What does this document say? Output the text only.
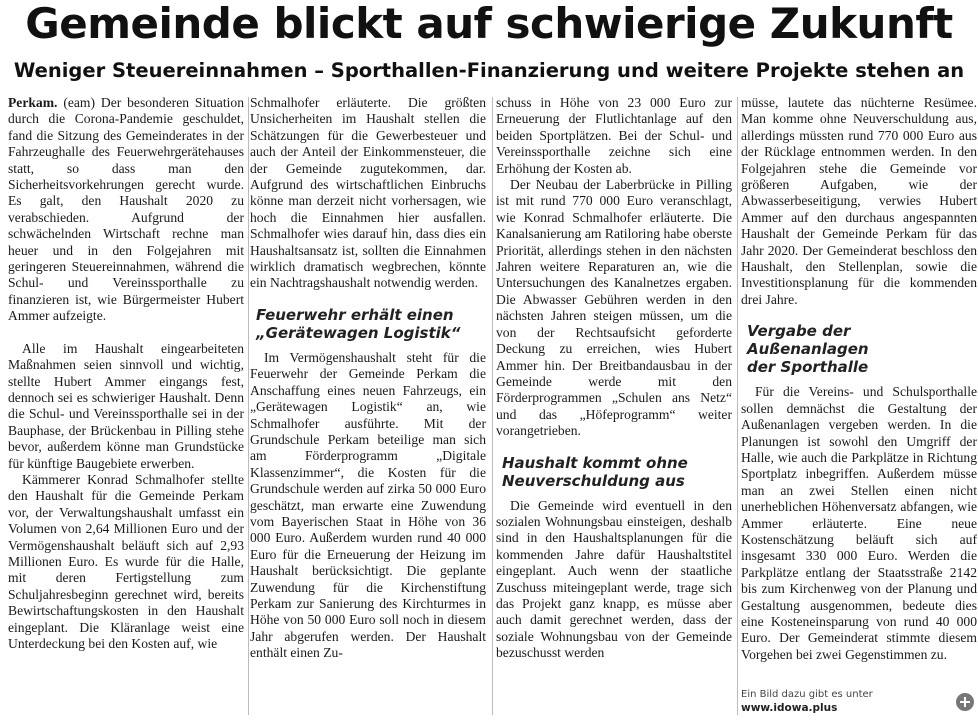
Gemeinde blickt auf schwierige Zukunft
Weniger Steuereinnahmen – Sporthallen-Finanzierung und weitere Projekte stehen an

Perkam. (eam) Der besonderen Situation durch die Corona-Pandemie geschuldet, fand die Sitzung des Gemeinderates in der Fahrzeughalle des Feuerwehrgerätehauses statt, so dass man den Sicherheitsvorkehrungen gerecht wurde. Es galt, den Haushalt 2020 zu verabschieden. Aufgrund der schwächelnden Wirtschaft rechne man heuer und in den Folgejahren mit geringeren Steuereinnahmen, während die Schul- und Vereinssporthalle zu finanzieren ist, wie Bürgermeister Hubert Ammer aufzeigte.

Alle im Haushalt eingearbeiteten Maßnahmen seien sinnvoll und wichtig, stellte Hubert Ammer eingangs fest, dennoch sei es schwieriger Haushalt. Denn die Schul- und Vereinssporthalle sei in der Bauphase, der Brückenbau in Pilling stehe bevor, außerdem könne man Grundstücke für künftige Baugebiete erwerben.

Kämmerer Konrad Schmalhofer stellte den Haushalt für die Gemeinde Perkam vor, der Verwaltungshaushalt umfasst ein Volumen von 2,64 Millionen Euro und der Vermögenshaushalt beläuft sich auf 2,93 Millionen Euro. Es wurde für die Halle, mit deren Fertigstellung zum Schuljahresbeginn gerechnet wird, bereits Bewirtschaftungskosten in den Haushalt eingeplant. Die Kläranlage weist eine Unterdeckung bei den Kosten auf, wie

Schmalhofer erläuterte. Die größten Unsicherheiten im Haushalt stellen die Schätzungen für die Gewerbesteuer und auch der Anteil der Einkommensteuer, die der Gemeinde zugutekommen, dar. Aufgrund des wirtschaftlichen Einbruchs könne man derzeit nicht vorhersagen, wie hoch die Einnahmen hier ausfallen. Schmalhofer wies darauf hin, dass dies ein Haushaltsansatz ist, sollten die Einnahmen wirklich dramatisch wegbrechen, könnte ein Nachtragshaushalt notwendig werden.

Feuerwehr erhält einen
„Gerätewagen Logistik“

Im Vermögenshaushalt steht für die Feuerwehr der Gemeinde Perkam die Anschaffung eines neuen Fahrzeugs, ein „Gerätewagen Logistik“ an, wie Schmalhofer ausführte. Mit der Grundschule Perkam beteilige man sich am Förderprogramm „Digitale Klassenzimmer“, die Kosten für die Grundschule werden auf zirka 50 000 Euro geschätzt, man erwarte eine Zuwendung vom Bayerischen Staat in Höhe von 36 000 Euro. Außerdem wurden rund 40 000 Euro für die Erneuerung der Heizung im Haushalt berücksichtigt. Die geplante Zuwendung für die Kirchenstiftung Perkam zur Sanierung des Kirchturmes in Höhe von 50 000 Euro soll noch in diesem Jahr abgerufen werden. Der Haushalt enthält einen Zu-

schuss in Höhe von 23 000 Euro zur Erneuerung der Flutlichtanlage auf den beiden Sportplätzen. Bei der Schul- und Vereinssporthalle zeichne sich eine Erhöhung der Kosten ab.

Der Neubau der Laberbrücke in Pilling ist mit rund 770 000 Euro veranschlagt, wie Konrad Schmalhofer erläuterte. Die Kanalsanierung am Ratiloring habe oberste Priorität, allerdings stehen in den nächsten Jahren weitere Reparaturen an, wie die Untersuchungen des Kanalnetzes ergaben. Die Abwasser Gebühren werden in den nächsten Jahren steigen müssen, um die von der Rechtsaufsicht geforderte Deckung zu erreichen, wies Hubert Ammer hin. Der Breitbandausbau in der Gemeinde werde mit den Förderprogrammen „Schulen ans Netz“ und das „Höfeprogramm“ weiter vorangetrieben.

Haushalt kommt ohne
Neuverschuldung aus

Die Gemeinde wird eventuell in den sozialen Wohnungsbau einsteigen, deshalb sind in den Haushaltsplanungen für die kommenden Jahre dafür Haushaltstitel eingeplant. Auch wenn der staatliche Zuschuss miteingeplant werde, trage sich das Projekt ganz knapp, es müsse aber auch damit gerechnet werden, dass der soziale Wohnungsbau von der Gemeinde bezuschusst werden

müsse, lautete das nüchterne Resümee. Man komme ohne Neuverschuldung aus, allerdings müssten rund 770 000 Euro aus der Rücklage entnommen werden. In den Folgejahren stehe die Gemeinde vor größeren Aufgaben, wie der Abwasserbeseitigung, verwies Hubert Ammer auf den durchaus angespannten Haushalt der Gemeinde Perkam für das Jahr 2020. Der Gemeinderat beschloss den Haushalt, den Stellenplan, sowie die Investitionsplanung für die kommenden drei Jahre.

Vergabe der Außenanlagen
der Sporthalle

Für die Vereins- und Schulsporthalle sollen demnächst die Gestaltung der Außenanlagen vergeben werden. In die Planungen ist sowohl den Umgriff der Halle, wie auch die Parkplätze in Richtung Sportplatz inbegriffen. Außerdem müsse man an zwei Stellen einen nicht unerheblichen Höhenversatz abfangen, wie Ammer erläuterte. Eine neue Kostenschätzung beläuft sich auf insgesamt 330 000 Euro. Werden die Parkplätze entlang der Staatsstraße 2142 bis zum Kirchenweg von der Planung und Gestaltung ausgenommen, bedeute dies eine Kosteneinsparung von rund 40 000 Euro. Der Gemeinderat stimmte diesem Vorgehen bei zwei Gegenstimmen zu.

Ein Bild dazu gibt es unter
www.idowa.plus
